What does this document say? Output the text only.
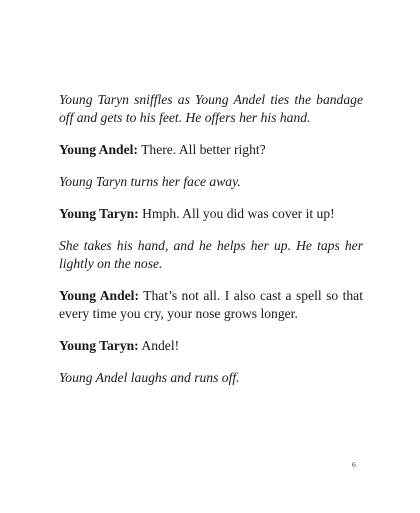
Young Taryn sniffles as Young Andel ties the bandage off and gets to his feet. He offers her his hand.

Young Andel: There. All better right?

Young Taryn turns her face away.

Young Taryn: Hmph. All you did was cover it up!

She takes his hand, and he helps her up. He taps her lightly on the nose.

Young Andel: That’s not all. I also cast a spell so that every time you cry, your nose grows longer.

Young Taryn: Andel!

Young Andel laughs and runs off.

6
